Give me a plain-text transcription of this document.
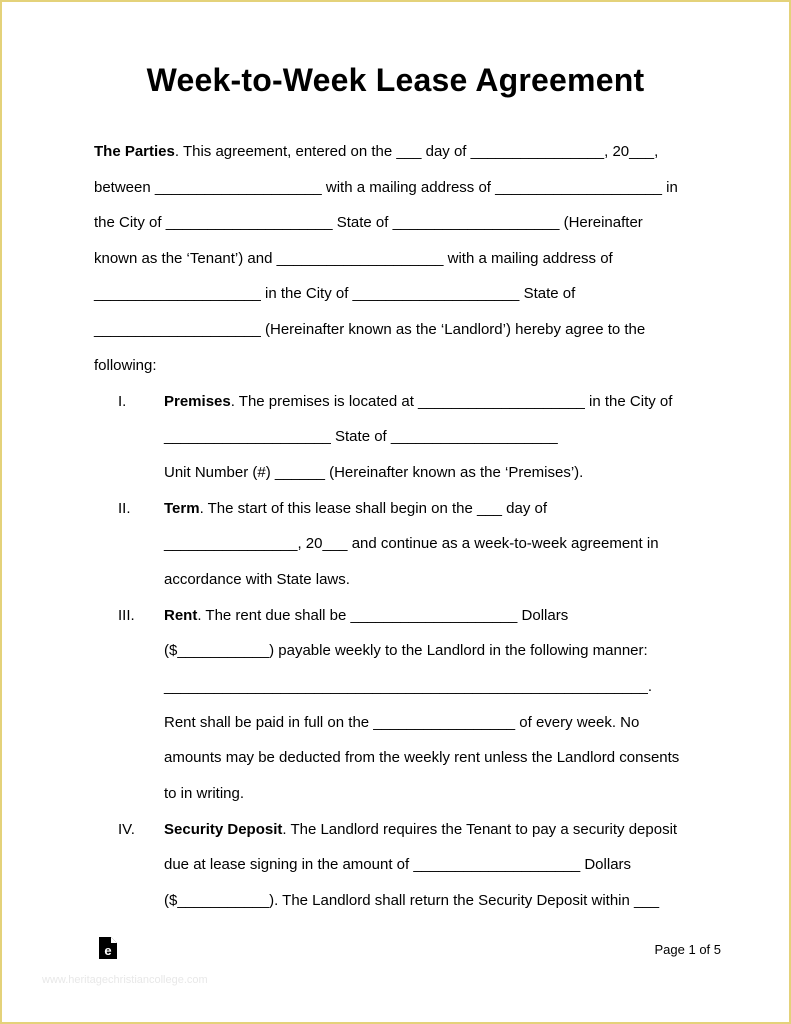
Week-to-Week Lease Agreement
The Parties. This agreement, entered on the ___ day of ________________, 20___,
between ____________________ with a mailing address of ____________________ in
the City of ____________________ State of ____________________ (Hereinafter
known as the ‘Tenant’) and ____________________ with a mailing address of
____________________ in the City of ____________________ State of
____________________ (Hereinafter known as the ‘Landlord’) hereby agree to the
following:
I.	Premises. The premises is located at ____________________ in the City of
____________________ State of ____________________
Unit Number (#) ______ (Hereinafter known as the ‘Premises’).
II. Term. The start of this lease shall begin on the ___ day of
________________, 20___ and continue as a week-to-week agreement in
accordance with State laws.
III. Rent. The rent due shall be ____________________ Dollars
($___________) payable weekly to the Landlord in the following manner:
__________________________________________________________.
Rent shall be paid in full on the _________________ of every week. No
amounts may be deducted from the weekly rent unless the Landlord consents
to in writing.
IV. Security Deposit. The Landlord requires the Tenant to pay a security deposit
due at lease signing in the amount of ____________________ Dollars
($___________). The Landlord shall return the Security Deposit within ___
e	Page 1 of 5
www.heritagechristiancollege.com
